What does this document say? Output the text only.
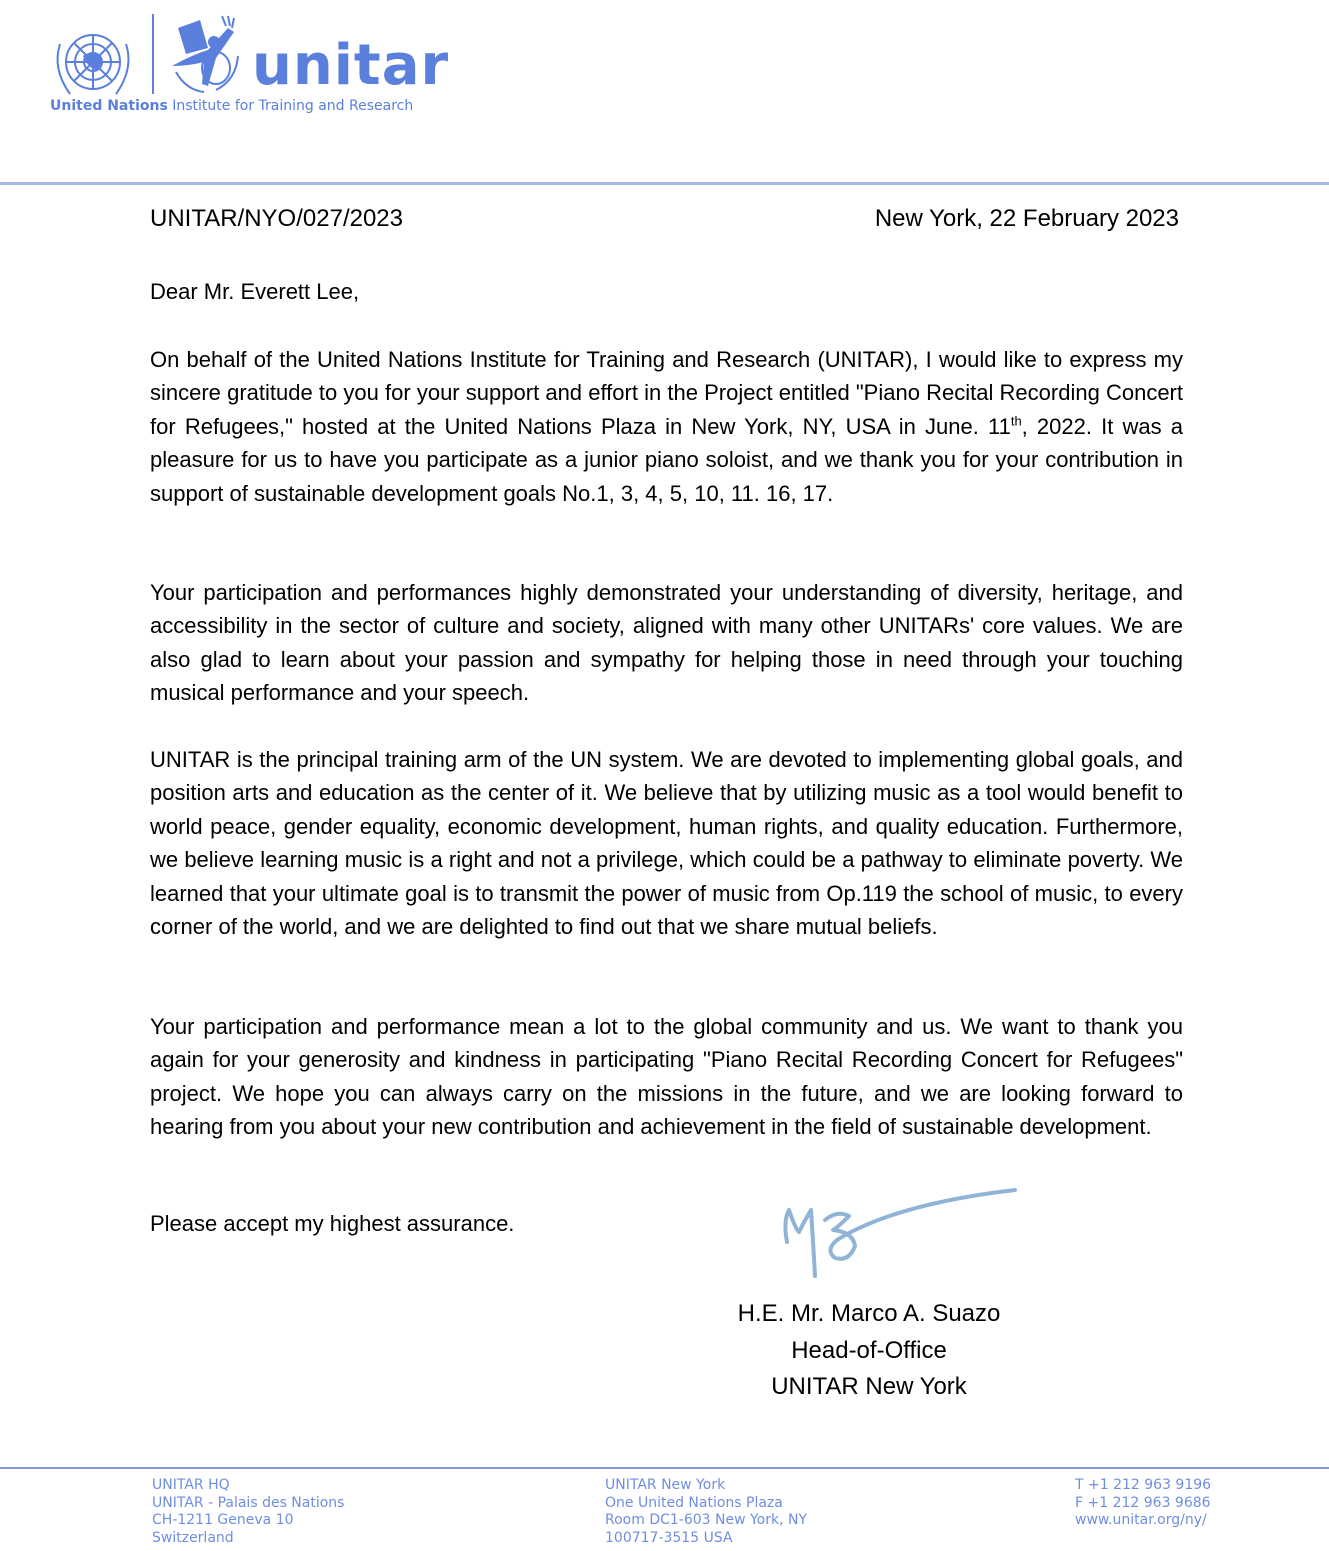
unitar
United Nations Institute for Training and Research
UNITAR/NYO/027/2023	New York, 22 February 2023
Dear Mr. Everett Lee,
On behalf of the United Nations Institute for Training and Research (UNITAR), I would like to express my sincere gratitude to you for your support and effort in the Project entitled "Piano Recital Recording Concert for Refugees," hosted at the United Nations Plaza in New York, NY, USA in June. 11th, 2022. It was a pleasure for us to have you participate as a junior piano soloist, and we thank you for your contribution in support of sustainable development goals No.1, 3, 4, 5, 10, 11. 16, 17.
Your participation and performances highly demonstrated your understanding of diversity, heritage, and accessibility in the sector of culture and society, aligned with many other UNITARs' core values. We are also glad to learn about your passion and sympathy for helping those in need through your touching musical performance and your speech.
UNITAR is the principal training arm of the UN system. We are devoted to implementing global goals, and position arts and education as the center of it. We believe that by utilizing music as a tool would benefit to world peace, gender equality, economic development, human rights, and quality education. Furthermore, we believe learning music is a right and not a privilege, which could be a pathway to eliminate poverty. We learned that your ultimate goal is to transmit the power of music from Op.119 the school of music, to every corner of the world, and we are delighted to find out that we share mutual beliefs.
Your participation and performance mean a lot to the global community and us. We want to thank you again for your generosity and kindness in participating "Piano Recital Recording Concert for Refugees" project. We hope you can always carry on the missions in the future, and we are looking forward to hearing from you about your new contribution and achievement in the field of sustainable development.
Please accept my highest assurance.
H.E. Mr. Marco A. Suazo
Head-of-Office
UNITAR New York
UNITAR HQ
UNITAR - Palais des Nations
CH-1211 Geneva 10
Switzerland
UNITAR New York
One United Nations Plaza
Room DC1-603 New York, NY
100717-3515 USA
T +1 212 963 9196
F +1 212 963 9686
www.unitar.org/ny/
